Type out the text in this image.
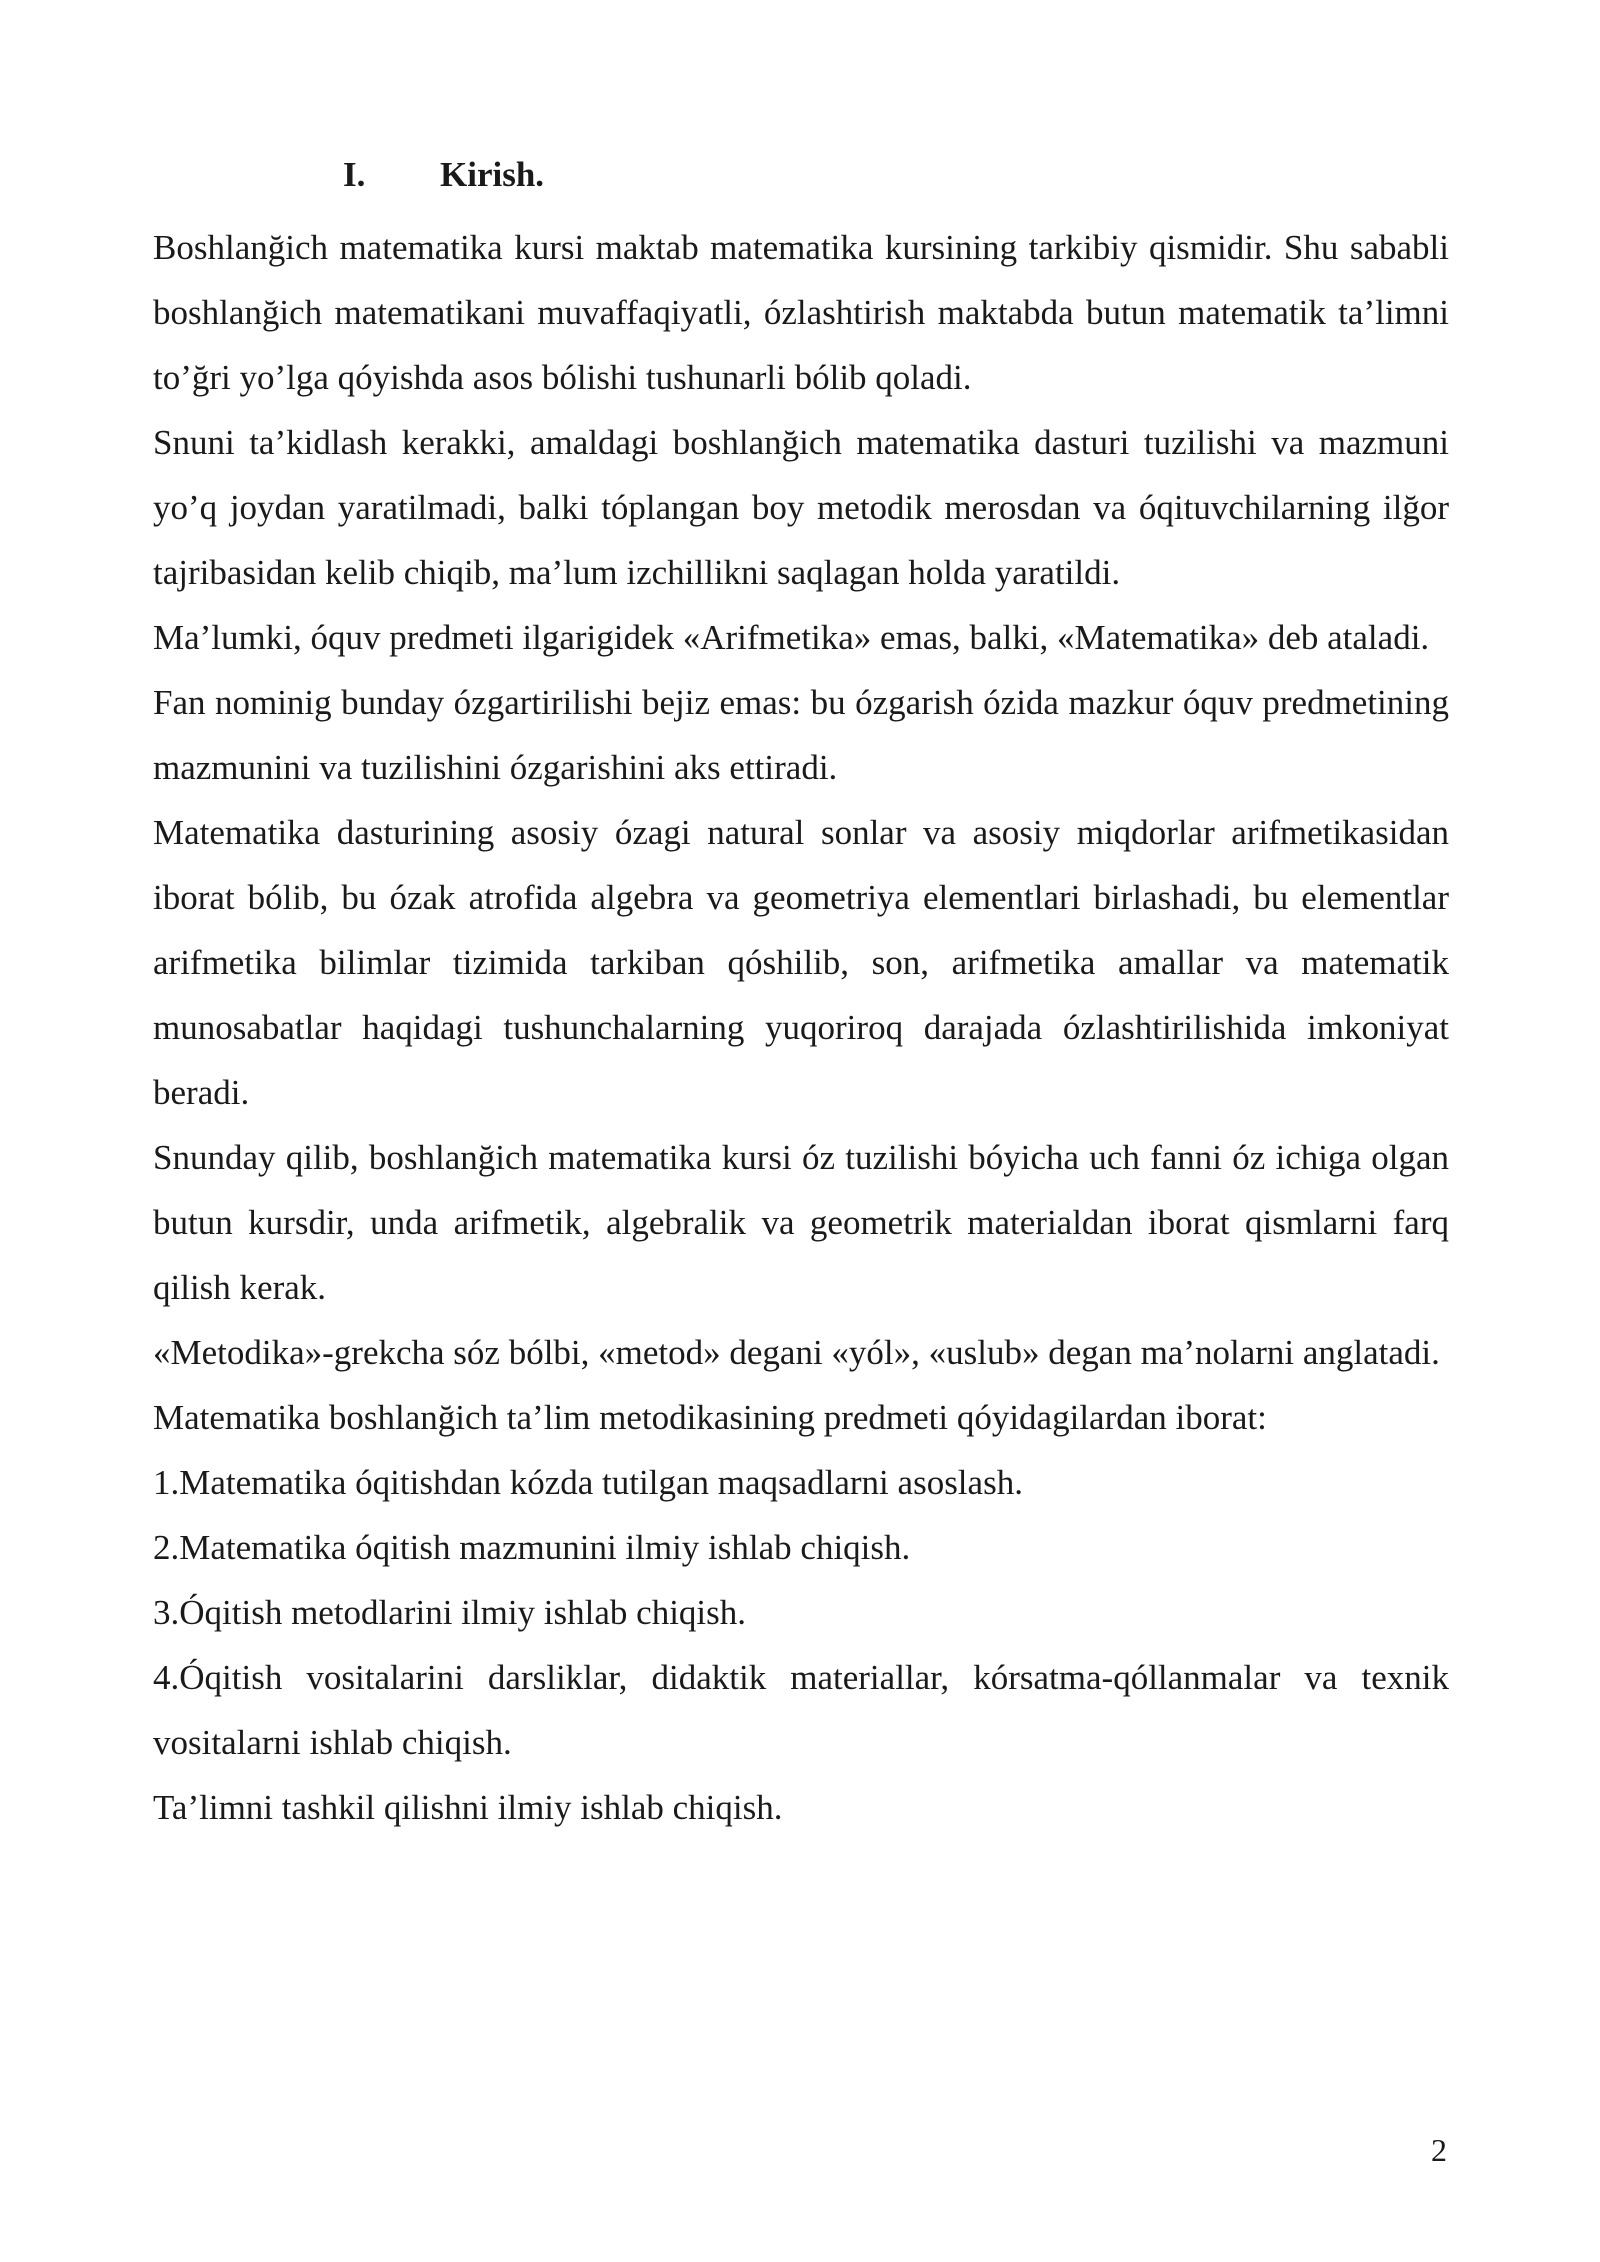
I. Kirish.

Boshlanğich matematika kursi maktab matematika kursining tarkibiy qismidir. Shu sababli boshlanğich matematikani muvaffaqiyatli, ózlashtirish maktabda butun matematik ta’limni to’ğri yo’lga qóyishda asos bólishi tushunarli bólib qoladi.

Snuni ta’kidlash kerakki, amaldagi boshlanğich matematika dasturi tuzilishi va mazmuni yo’q joydan yaratilmadi, balki tóplangan boy metodik merosdan va óqituvchilarning ilğor tajribasidan kelib chiqib, ma’lum izchillikni saqlagan holda yaratildi.

Ma’lumki, óquv predmeti ilgarigidek «Arifmetika» emas, balki, «Matematika» deb ataladi.

Fan nominig bunday ózgartirilishi bejiz emas: bu ózgarish ózida mazkur óquv predmetining mazmunini va tuzilishini ózgarishini aks ettiradi.

Matematika dasturining asosiy ózagi natural sonlar va asosiy miqdorlar arifmetikasidan iborat bólib, bu ózak atrofida algebra va geometriya elementlari birlashadi, bu elementlar arifmetika bilimlar tizimida tarkiban qóshilib, son, arifmetika amallar va matematik munosabatlar haqidagi tushunchalarning yuqoriroq darajada ózlashtirilishida imkoniyat beradi.

Snunday qilib, boshlanğich matematika kursi óz tuzilishi bóyicha uch fanni óz ichiga olgan butun kursdir, unda arifmetik, algebralik va geometrik materialdan iborat qismlarni farq qilish kerak.

«Metodika»-grekcha sóz bólbi, «metod» degani «yól», «uslub» degan ma’nolarni anglatadi.

Matematika boshlanğich ta’lim metodikasining predmeti qóyidagilardan iborat:

1.Matematika óqitishdan kózda tutilgan maqsadlarni asoslash.

2.Matematika óqitish mazmunini ilmiy ishlab chiqish.

3.Óqitish metodlarini ilmiy ishlab chiqish.

4.Óqitish vositalarini darsliklar, didaktik materiallar, kórsatma-qóllanmalar va texnik vositalarni ishlab chiqish.

Ta’limni tashkil qilishni ilmiy ishlab chiqish.

2
